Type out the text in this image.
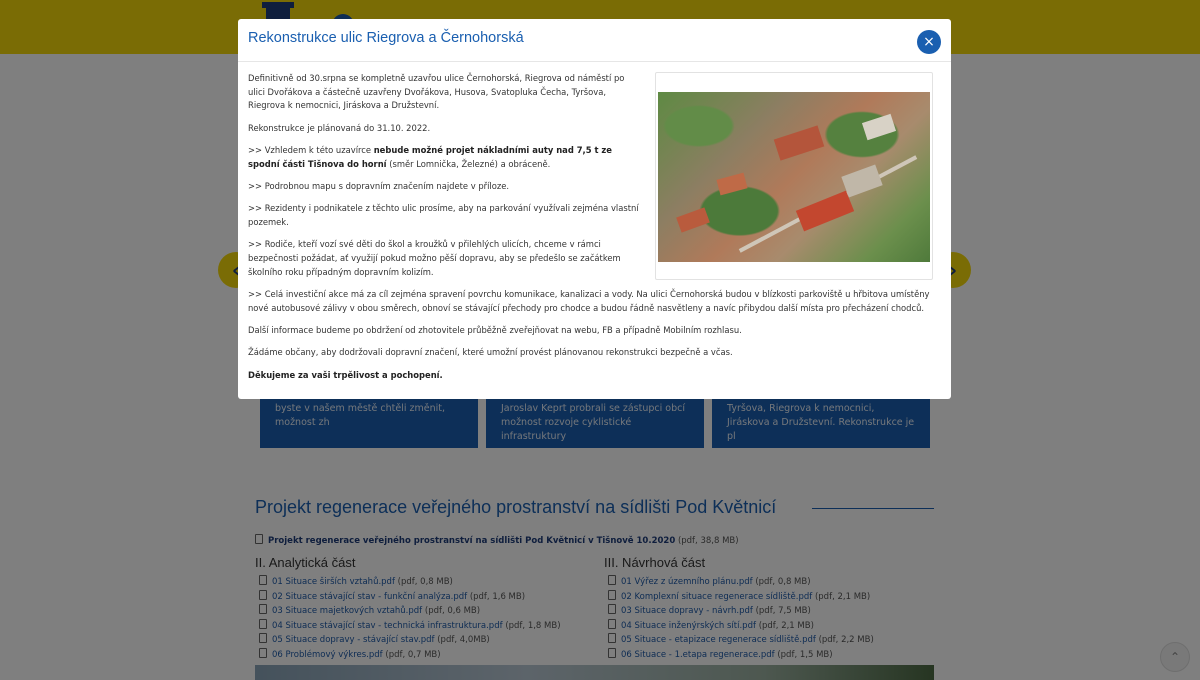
Rekonstrukce ulic Riegrova a Černohorská	×

Definitivně od 30.srpna se kompletně uzavřou ulice Černohorská, Riegrova od náměstí po ulici Dvořákova a částečně uzavřeny Dvořákova, Husova, Svatopluka Čecha, Tyršova, Riegrova k nemocnici, Jiráskova a Družstevní.

Rekonstrukce je plánovaná do 31.10. 2022.

>> Vzhledem k této uzavírce nebude možné projet nákladními auty nad 7,5 t ze spodní části Tišnova do horní (směr Lomnička, Železné) a obráceně.

>> Podrobnou mapu s dopravním značením najdete v příloze.

>> Rezidenty i podnikatele z těchto ulic prosíme, aby na parkování využívali zejména vlastní pozemek.

>> Rodiče, kteří vozí své děti do škol a kroužků v přilehlých ulicích, chceme v rámci bezpečnosti požádat, ať využijí pokud možno pěší dopravu, aby se předešlo se začátkem školního roku případným dopravním kolizím.

>> Celá investiční akce má za cíl zejména spravení povrchu komunikace, kanalizaci a vody. Na ulici Černohorská budou v blízkosti parkoviště u hřbitova umístěny nové autobusové zálivy v obou směrech, obnoví se stávající přechody pro chodce a budou řádně nasvětleny a navíc přibydou další místa pro přecházení chodců.

Další informace budeme po obdržení od zhotovitele průběžně zveřejňovat na webu, FB a případně Mobilním rozhlasu.

Žádáme občany, aby dodržovali dopravní značení, které umožní provést plánovanou rekonstrukci bezpečně a včas.

Děkujeme za vaši trpělivost a pochopení.
